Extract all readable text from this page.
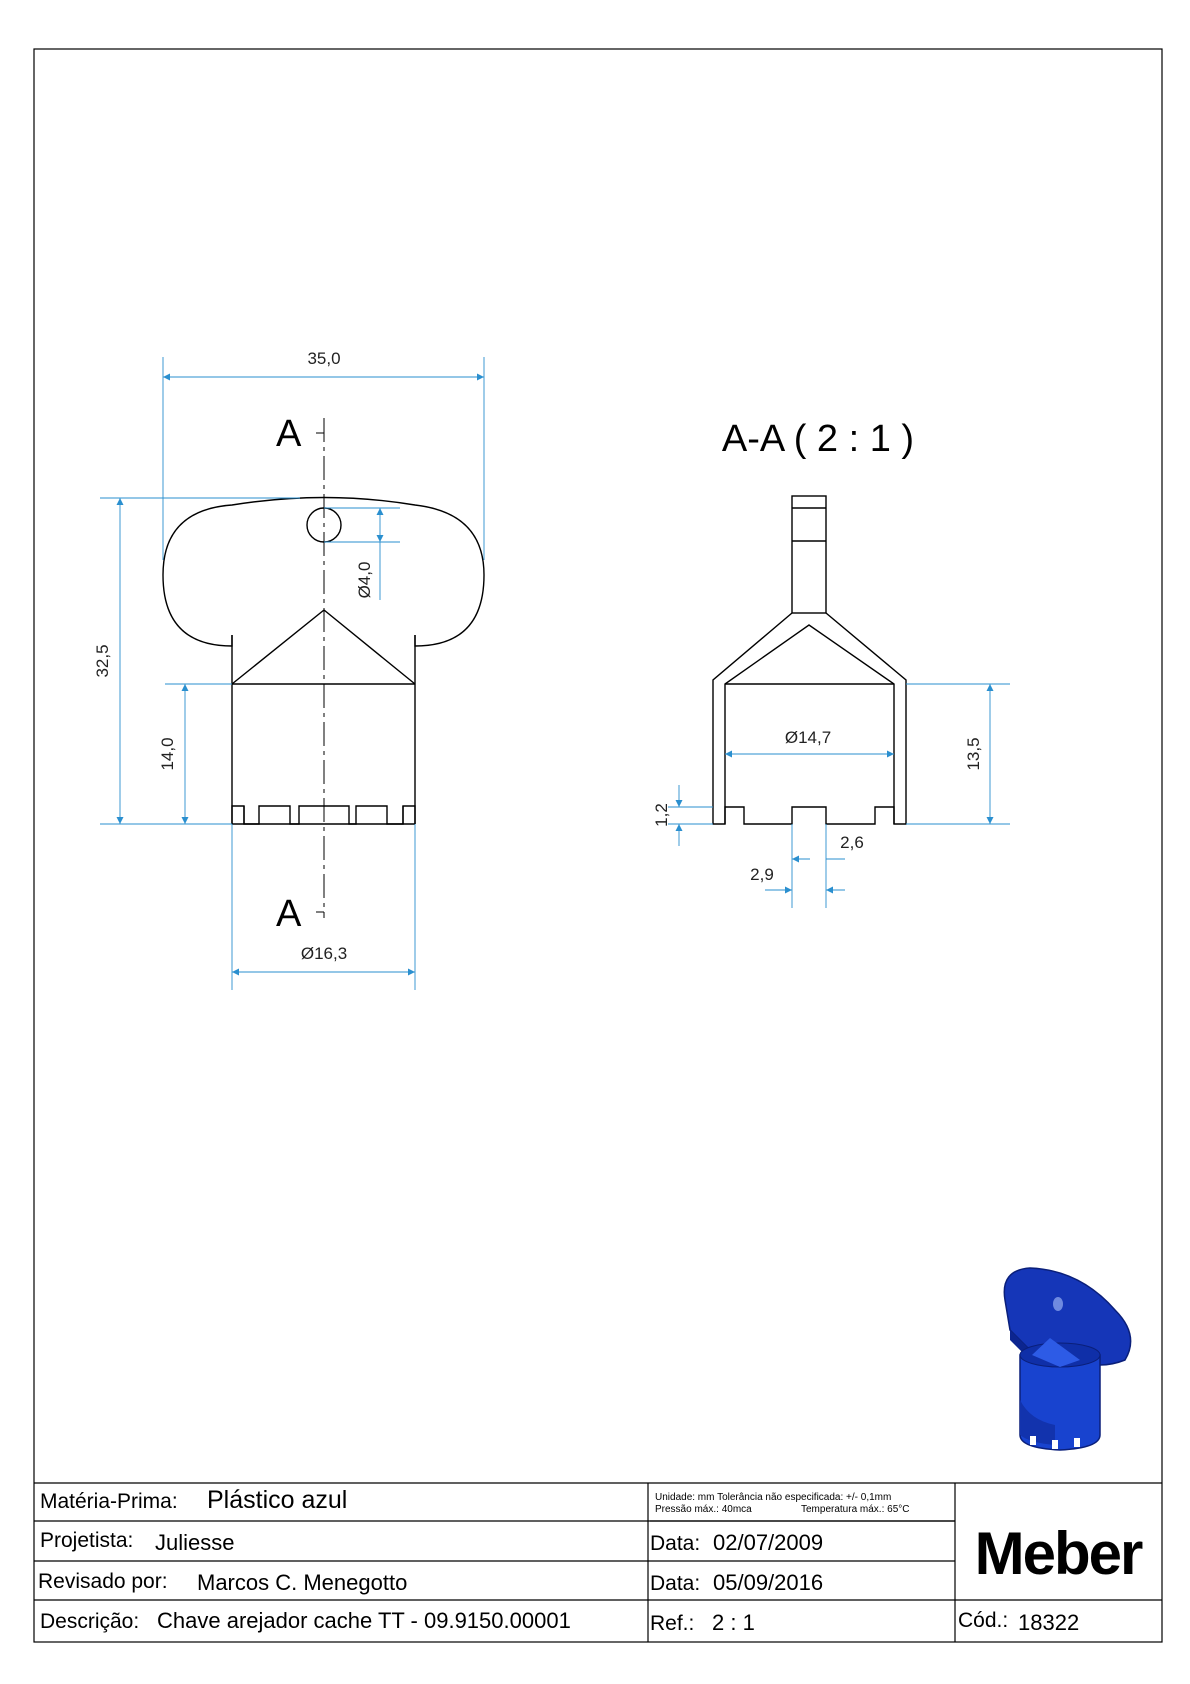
A
A
35,0
32,5
14,0
Ø4,0
Ø16,3
A-A ( 2 : 1 )
Ø14,7	13,5
1,2
2,6
2,9
Matéria-Prima: Plástico azul
Projetista: Juliesse
Revisado por: Marcos C. Menegotto
Descrição: Chave arejador cache TT - 09.9150.00001
Unidade: mm Tolerância não especificada: +/- 0,1mm
Pressão máx.: 40mca	Temperatura máx.: 65°C
Data: 02/07/2009
Data: 05/09/2016
Ref.: 2 : 1
Meber
Cód.: 18322
